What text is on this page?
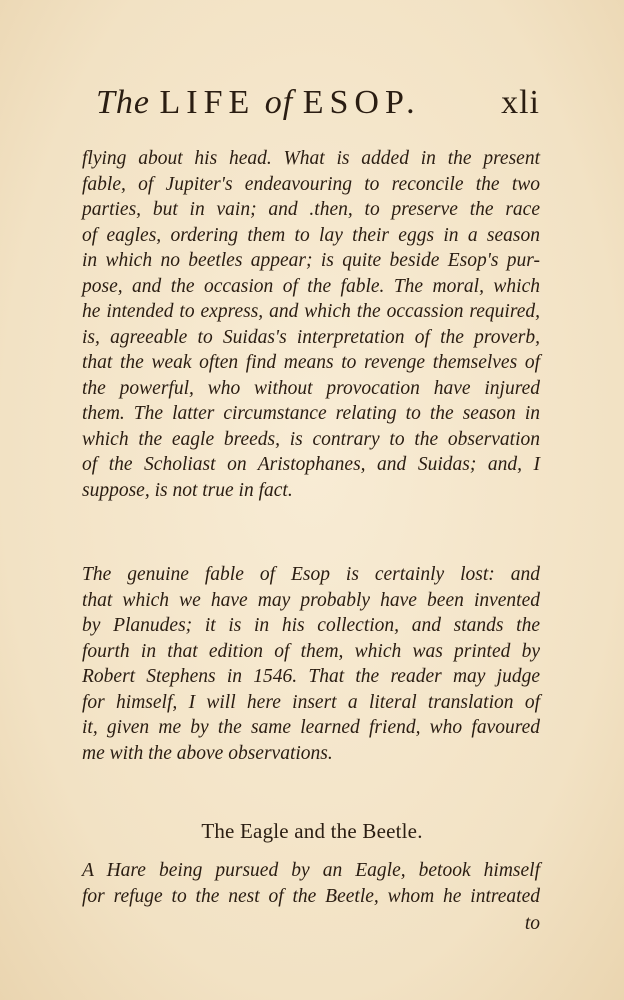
The LIFE of ESOP. xli
flying about his head. What is added in the present
fable, of Jupiter's endeavouring to reconcile the two
parties, but in vain; and .then, to preserve the race
of eagles, ordering them to lay their eggs in a season
in which no beetles appear; is quite beside Esop's pur-
pose, and the occasion of the fable. The moral, which
he intended to express, and which the occassion required,
is, agreeable to Suidas's interpretation of the proverb,
that the weak often find means to revenge themselves of
the powerful, who without provocation have injured
them. The latter circumstance relating to the season in
which the eagle breeds, is contrary to the observation
of the Scholiast on Aristophanes, and Suidas; and, I
suppose, is not true in fact.
The genuine fable of Esop is certainly lost: and
that which we have may probably have been invented
by Planudes; it is in his collection, and stands the
fourth in that edition of them, which was printed by
Robert Stephens in 1546. That the reader may judge
for himself, I will here insert a literal translation of
it, given me by the same learned friend, who favoured
me with the above observations.
The Eagle and the Beetle.
A Hare being pursued by an Eagle, betook himself
for refuge to the nest of the Beetle, whom he intreated
to
